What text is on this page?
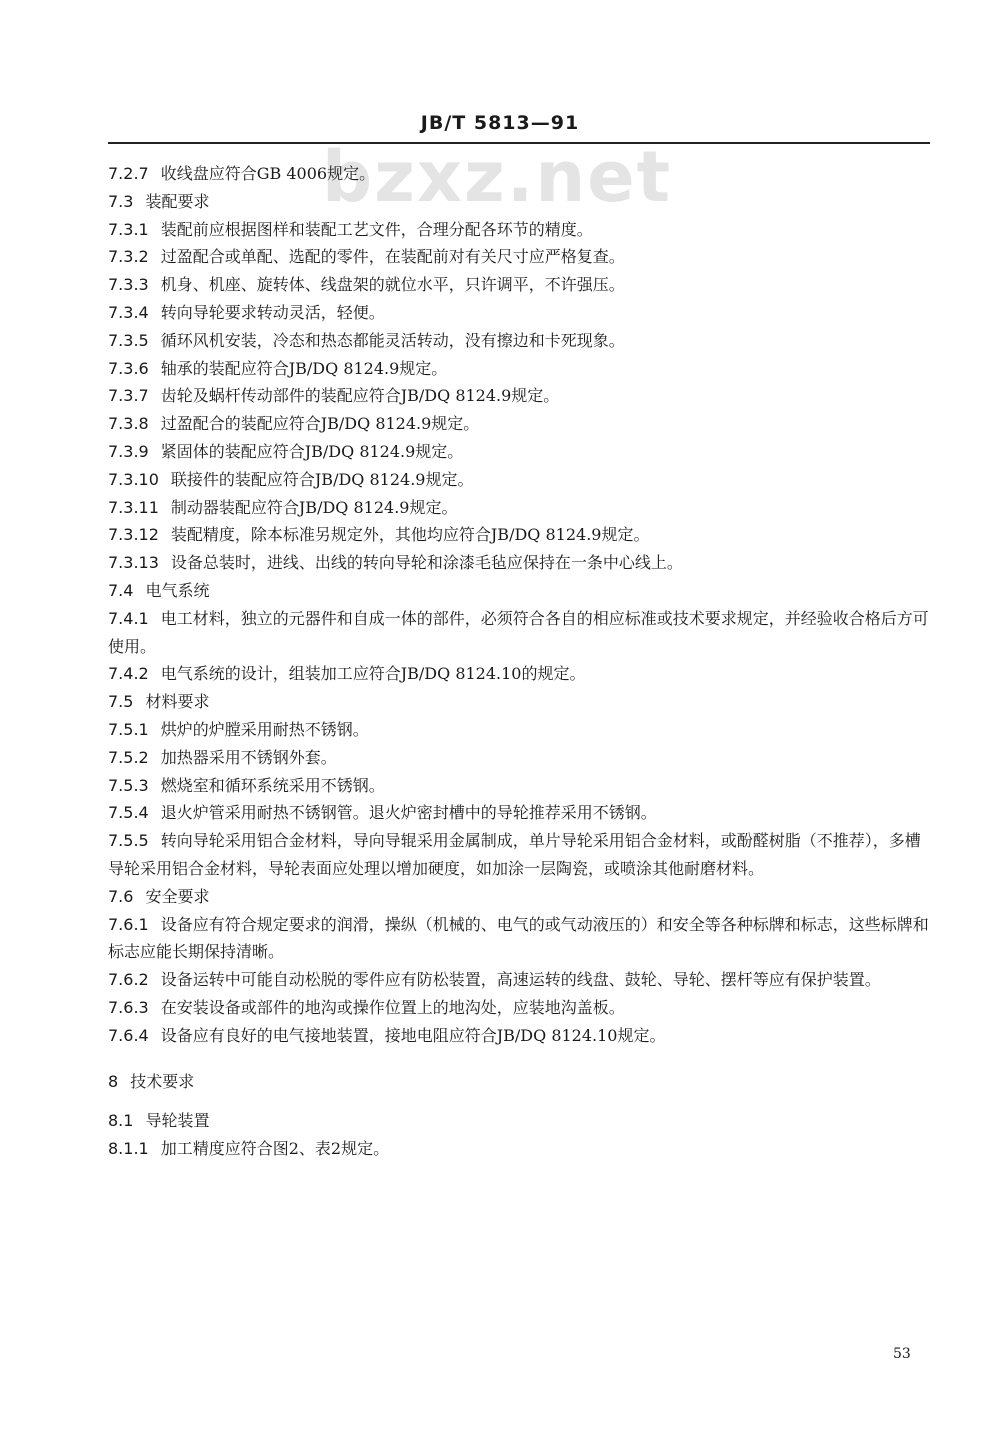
bzxz.net
JB/T 5813—91
7.2.7 收线盘应符合GB 4006规定。
7.3 装配要求
7.3.1 装配前应根据图样和装配工艺文件，合理分配各环节的精度。
7.3.2 过盈配合或单配、选配的零件，在装配前对有关尺寸应严格复查。
7.3.3 机身、机座、旋转体、线盘架的就位水平，只许调平，不许强压。
7.3.4 转向导轮要求转动灵活，轻便。
7.3.5 循环风机安装，冷态和热态都能灵活转动，没有擦边和卡死现象。
7.3.6 轴承的装配应符合JB/DQ 8124.9规定。
7.3.7 齿轮及蜗杆传动部件的装配应符合JB/DQ 8124.9规定。
7.3.8 过盈配合的装配应符合JB/DQ 8124.9规定。
7.3.9 紧固体的装配应符合JB/DQ 8124.9规定。
7.3.10 联接件的装配应符合JB/DQ 8124.9规定。
7.3.11 制动器装配应符合JB/DQ 8124.9规定。
7.3.12 装配精度，除本标准另规定外，其他均应符合JB/DQ 8124.9规定。
7.3.13 设备总装时，进线、出线的转向导轮和涂漆毛毡应保持在一条中心线上。
7.4 电气系统
7.4.1 电工材料，独立的元器件和自成一体的部件，必须符合各自的相应标准或技术要求规定，并经验收合格后方可使用。
7.4.2 电气系统的设计，组装加工应符合JB/DQ 8124.10的规定。
7.5 材料要求
7.5.1 烘炉的炉膛采用耐热不锈钢。
7.5.2 加热器采用不锈钢外套。
7.5.3 燃烧室和循环系统采用不锈钢。
7.5.4 退火炉管采用耐热不锈钢管。退火炉密封槽中的导轮推荐采用不锈钢。
7.5.5 转向导轮采用铝合金材料，导向导辊采用金属制成，单片导轮采用铝合金材料，或酚醛树脂（不推荐），多槽导轮采用铝合金材料，导轮表面应处理以增加硬度，如加涂一层陶瓷，或喷涂其他耐磨材料。
7.6 安全要求
7.6.1 设备应有符合规定要求的润滑，操纵（机械的、电气的或气动液压的）和安全等各种标牌和标志，这些标牌和标志应能长期保持清晰。
7.6.2 设备运转中可能自动松脱的零件应有防松装置，高速运转的线盘、鼓轮、导轮、摆杆等应有保护装置。
7.6.3 在安装设备或部件的地沟或操作位置上的地沟处，应装地沟盖板。
7.6.4 设备应有良好的电气接地装置，接地电阻应符合JB/DQ 8124.10规定。
8 技术要求
8.1 导轮装置
8.1.1 加工精度应符合图2、表2规定。
53
